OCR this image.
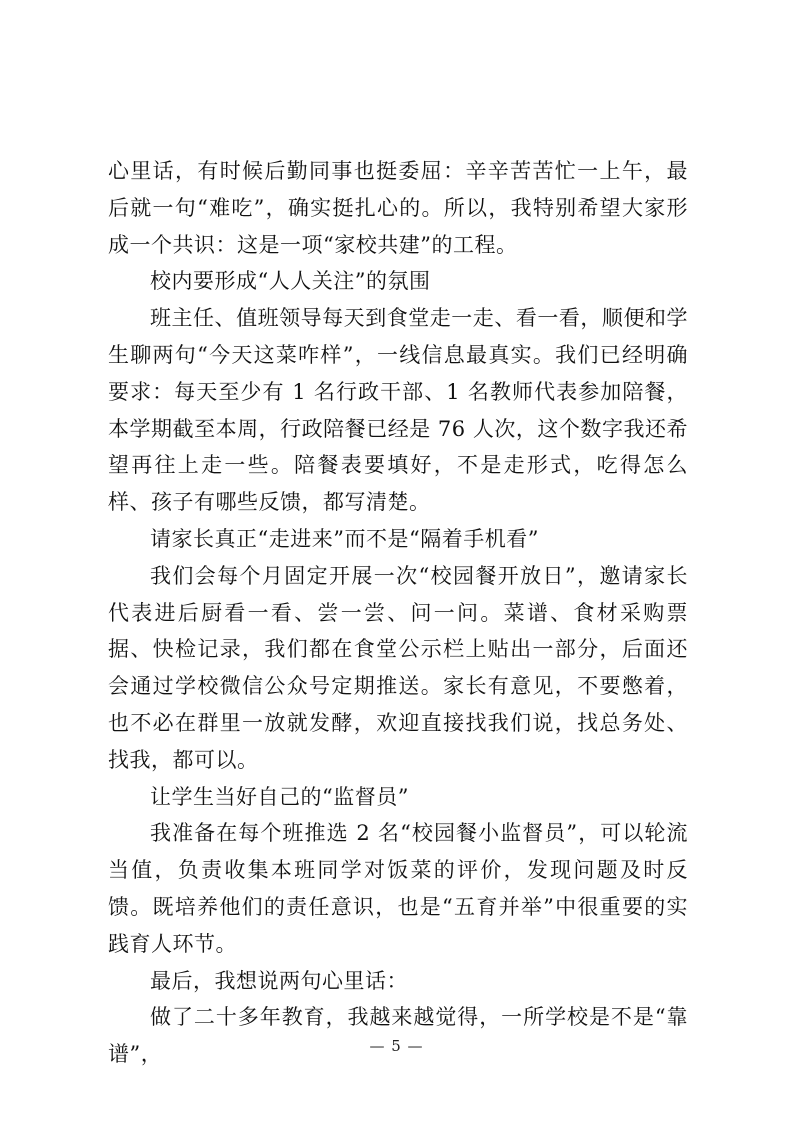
心里话，有时候后勤同事也挺委屈：辛辛苦苦忙一上午，最后就一句“难吃”，确实挺扎心的。所以，我特别希望大家形成一个共识：这是一项“家校共建”的工程。

校内要形成“人人关注”的氛围

班主任、值班领导每天到食堂走一走、看一看，顺便和学生聊两句“今天这菜咋样”，一线信息最真实。我们已经明确要求：每天至少有 1 名行政干部、1 名教师代表参加陪餐，本学期截至本周，行政陪餐已经是 76 人次，这个数字我还希望再往上走一些。陪餐表要填好，不是走形式，吃得怎么样、孩子有哪些反馈，都写清楚。

请家长真正“走进来”而不是“隔着手机看”

我们会每个月固定开展一次“校园餐开放日”，邀请家长代表进后厨看一看、尝一尝、问一问。菜谱、食材采购票据、快检记录，我们都在食堂公示栏上贴出一部分，后面还会通过学校微信公众号定期推送。家长有意见，不要憋着，也不必在群里一放就发酵，欢迎直接找我们说，找总务处、找我，都可以。

让学生当好自己的“监督员”

我准备在每个班推选 2 名“校园餐小监督员”，可以轮流当值，负责收集本班同学对饭菜的评价，发现问题及时反馈。既培养他们的责任意识，也是“五育并举”中很重要的实践育人环节。

最后，我想说两句心里话：

做了二十多年教育，我越来越觉得，一所学校是不是“靠谱”，	— 5 —
